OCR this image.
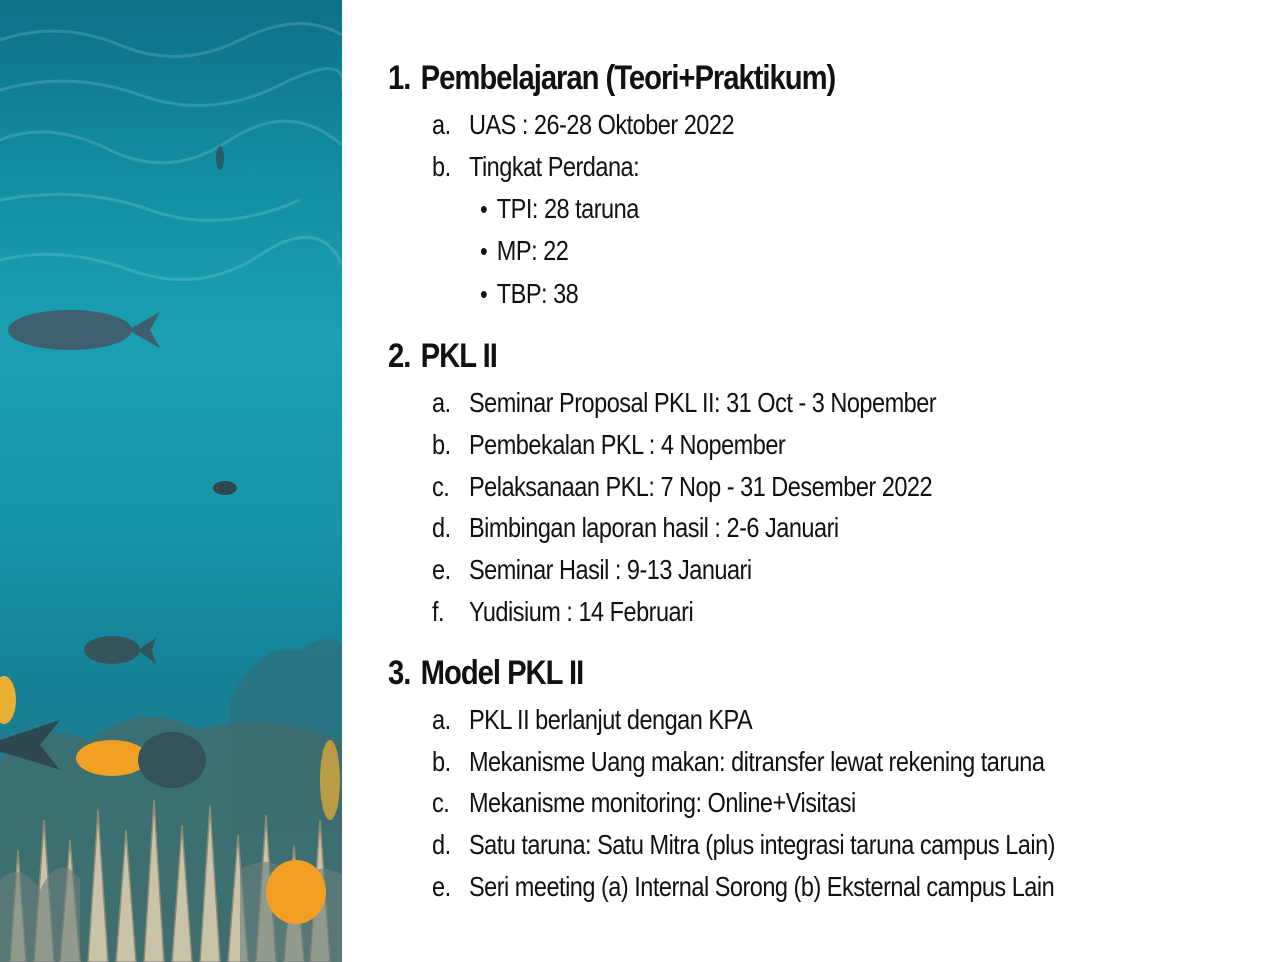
1. Pembelajaran (Teori+Praktikum)
a. UAS : 26-28 Oktober 2022
b. Tingkat Perdana:
• TPI: 28 taruna
• MP: 22
• TBP: 38
2. PKL II
a. Seminar Proposal PKL II: 31 Oct - 3 Nopember
b. Pembekalan PKL : 4 Nopember
c. Pelaksanaan PKL: 7 Nop - 31 Desember 2022
d. Bimbingan laporan hasil : 2-6 Januari
e. Seminar Hasil : 9-13 Januari
f. Yudisium : 14 Februari
3. Model PKL II
a. PKL II berlanjut dengan KPA
b. Mekanisme Uang makan: ditransfer lewat rekening taruna
c. Mekanisme monitoring: Online+Visitasi
d. Satu taruna: Satu Mitra (plus integrasi taruna campus Lain)
e. Seri meeting (a) Internal Sorong (b) Eksternal campus Lain
